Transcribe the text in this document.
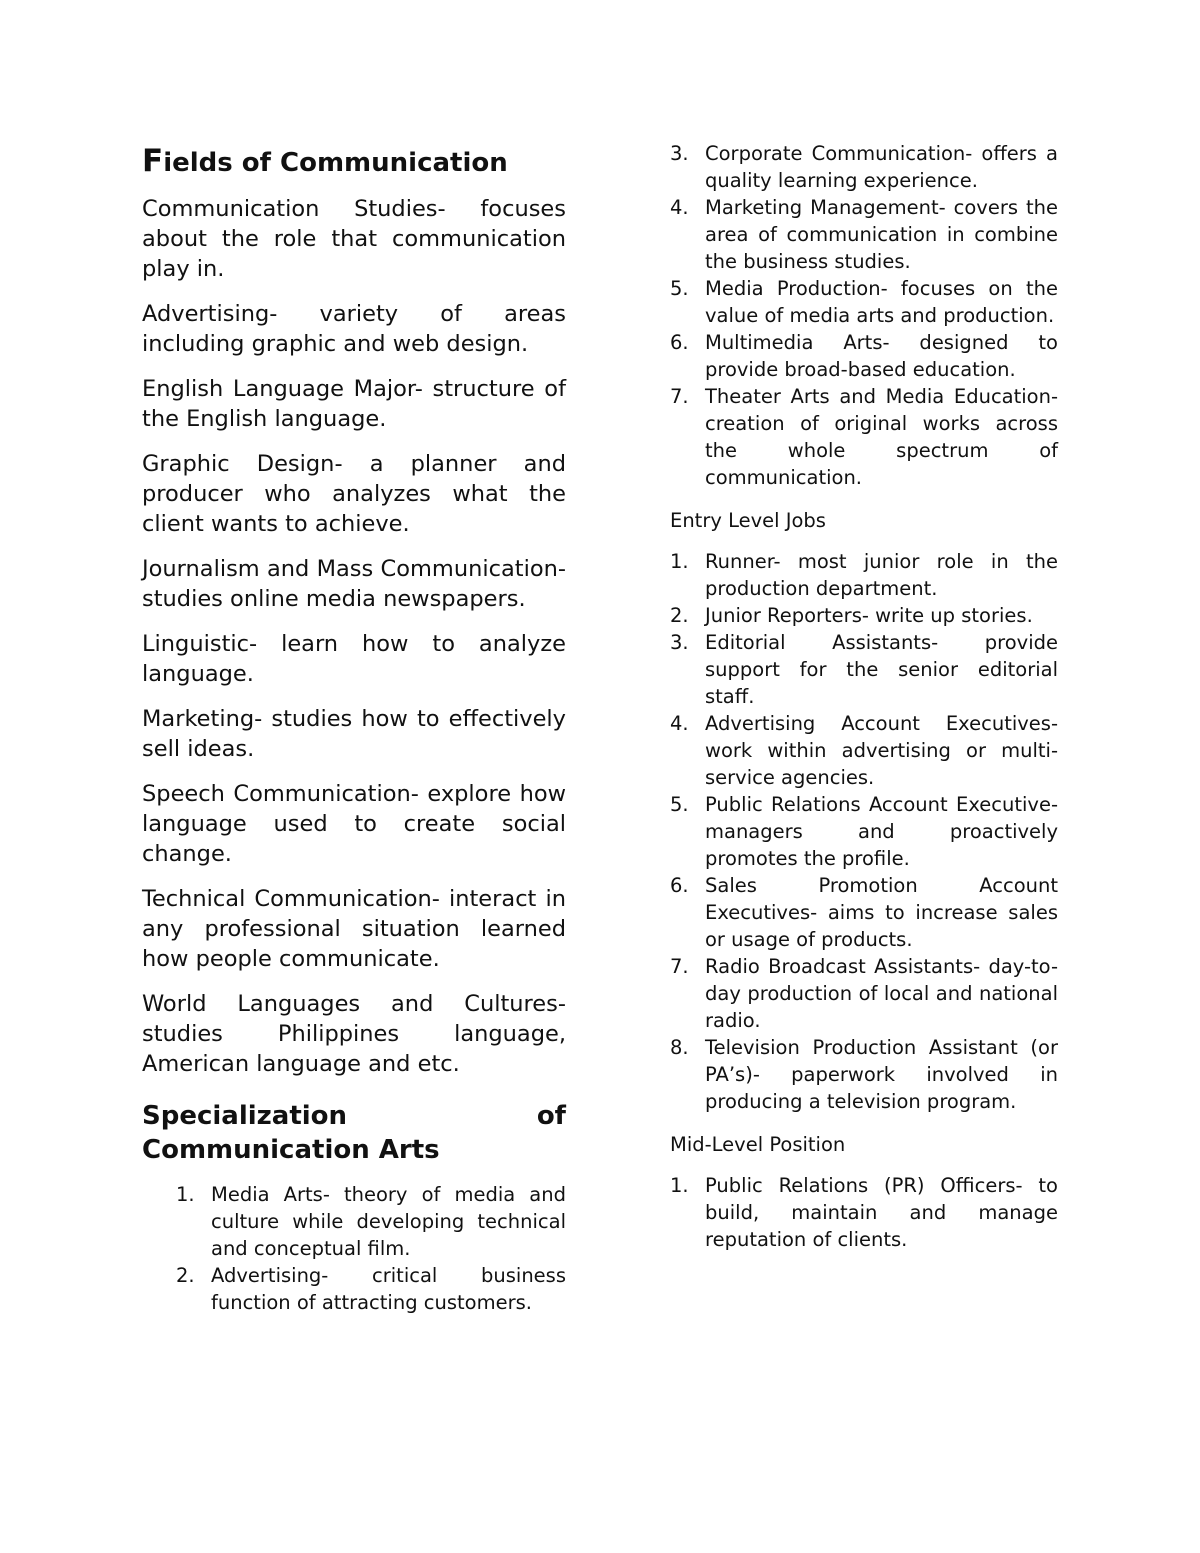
Fields of Communication

Communication Studies- focuses about the role that communication play in.

Advertising- variety of areas including graphic and web design.

English Language Major- structure of the English language.

Graphic Design- a planner and producer who analyzes what the client wants to achieve.

Journalism and Mass Communication- studies online media newspapers.

Linguistic- learn how to analyze language.

Marketing- studies how to effectively sell ideas.

Speech Communication- explore how language used to create social change.

Technical Communication- interact in any professional situation learned how people communicate.

World Languages and Cultures- studies Philippines language, American language and etc.

Specialization	of
Communication Arts
1. Media Arts- theory of media and culture while developing technical and conceptual film.
2. Advertising- critical business function of attracting customers.
3. Corporate Communication- offers a quality learning experience.
4. Marketing Management- covers the area of communication in combine the business studies.
5. Media Production- focuses on the value of media arts and production.
6. Multimedia Arts- designed to provide broad-based education.
7. Theater Arts and Media Education- creation of original works across the whole spectrum of communication.
Entry Level Jobs
1. Runner- most junior role in the production department.
2. Junior Reporters- write up stories.
3. Editorial Assistants- provide support for the senior editorial staff.
4. Advertising Account Executives- work within advertising or multi-service agencies.
5. Public Relations Account Executive- managers and proactively promotes the profile.
6. Sales Promotion Account Executives- aims to increase sales or usage of products.
7. Radio Broadcast Assistants- day-to-day production of local and national radio.
8. Television Production Assistant (or PA’s)- paperwork involved in producing a television program.
Mid-Level Position
1. Public Relations (PR) Officers- to build, maintain and manage reputation of clients.
